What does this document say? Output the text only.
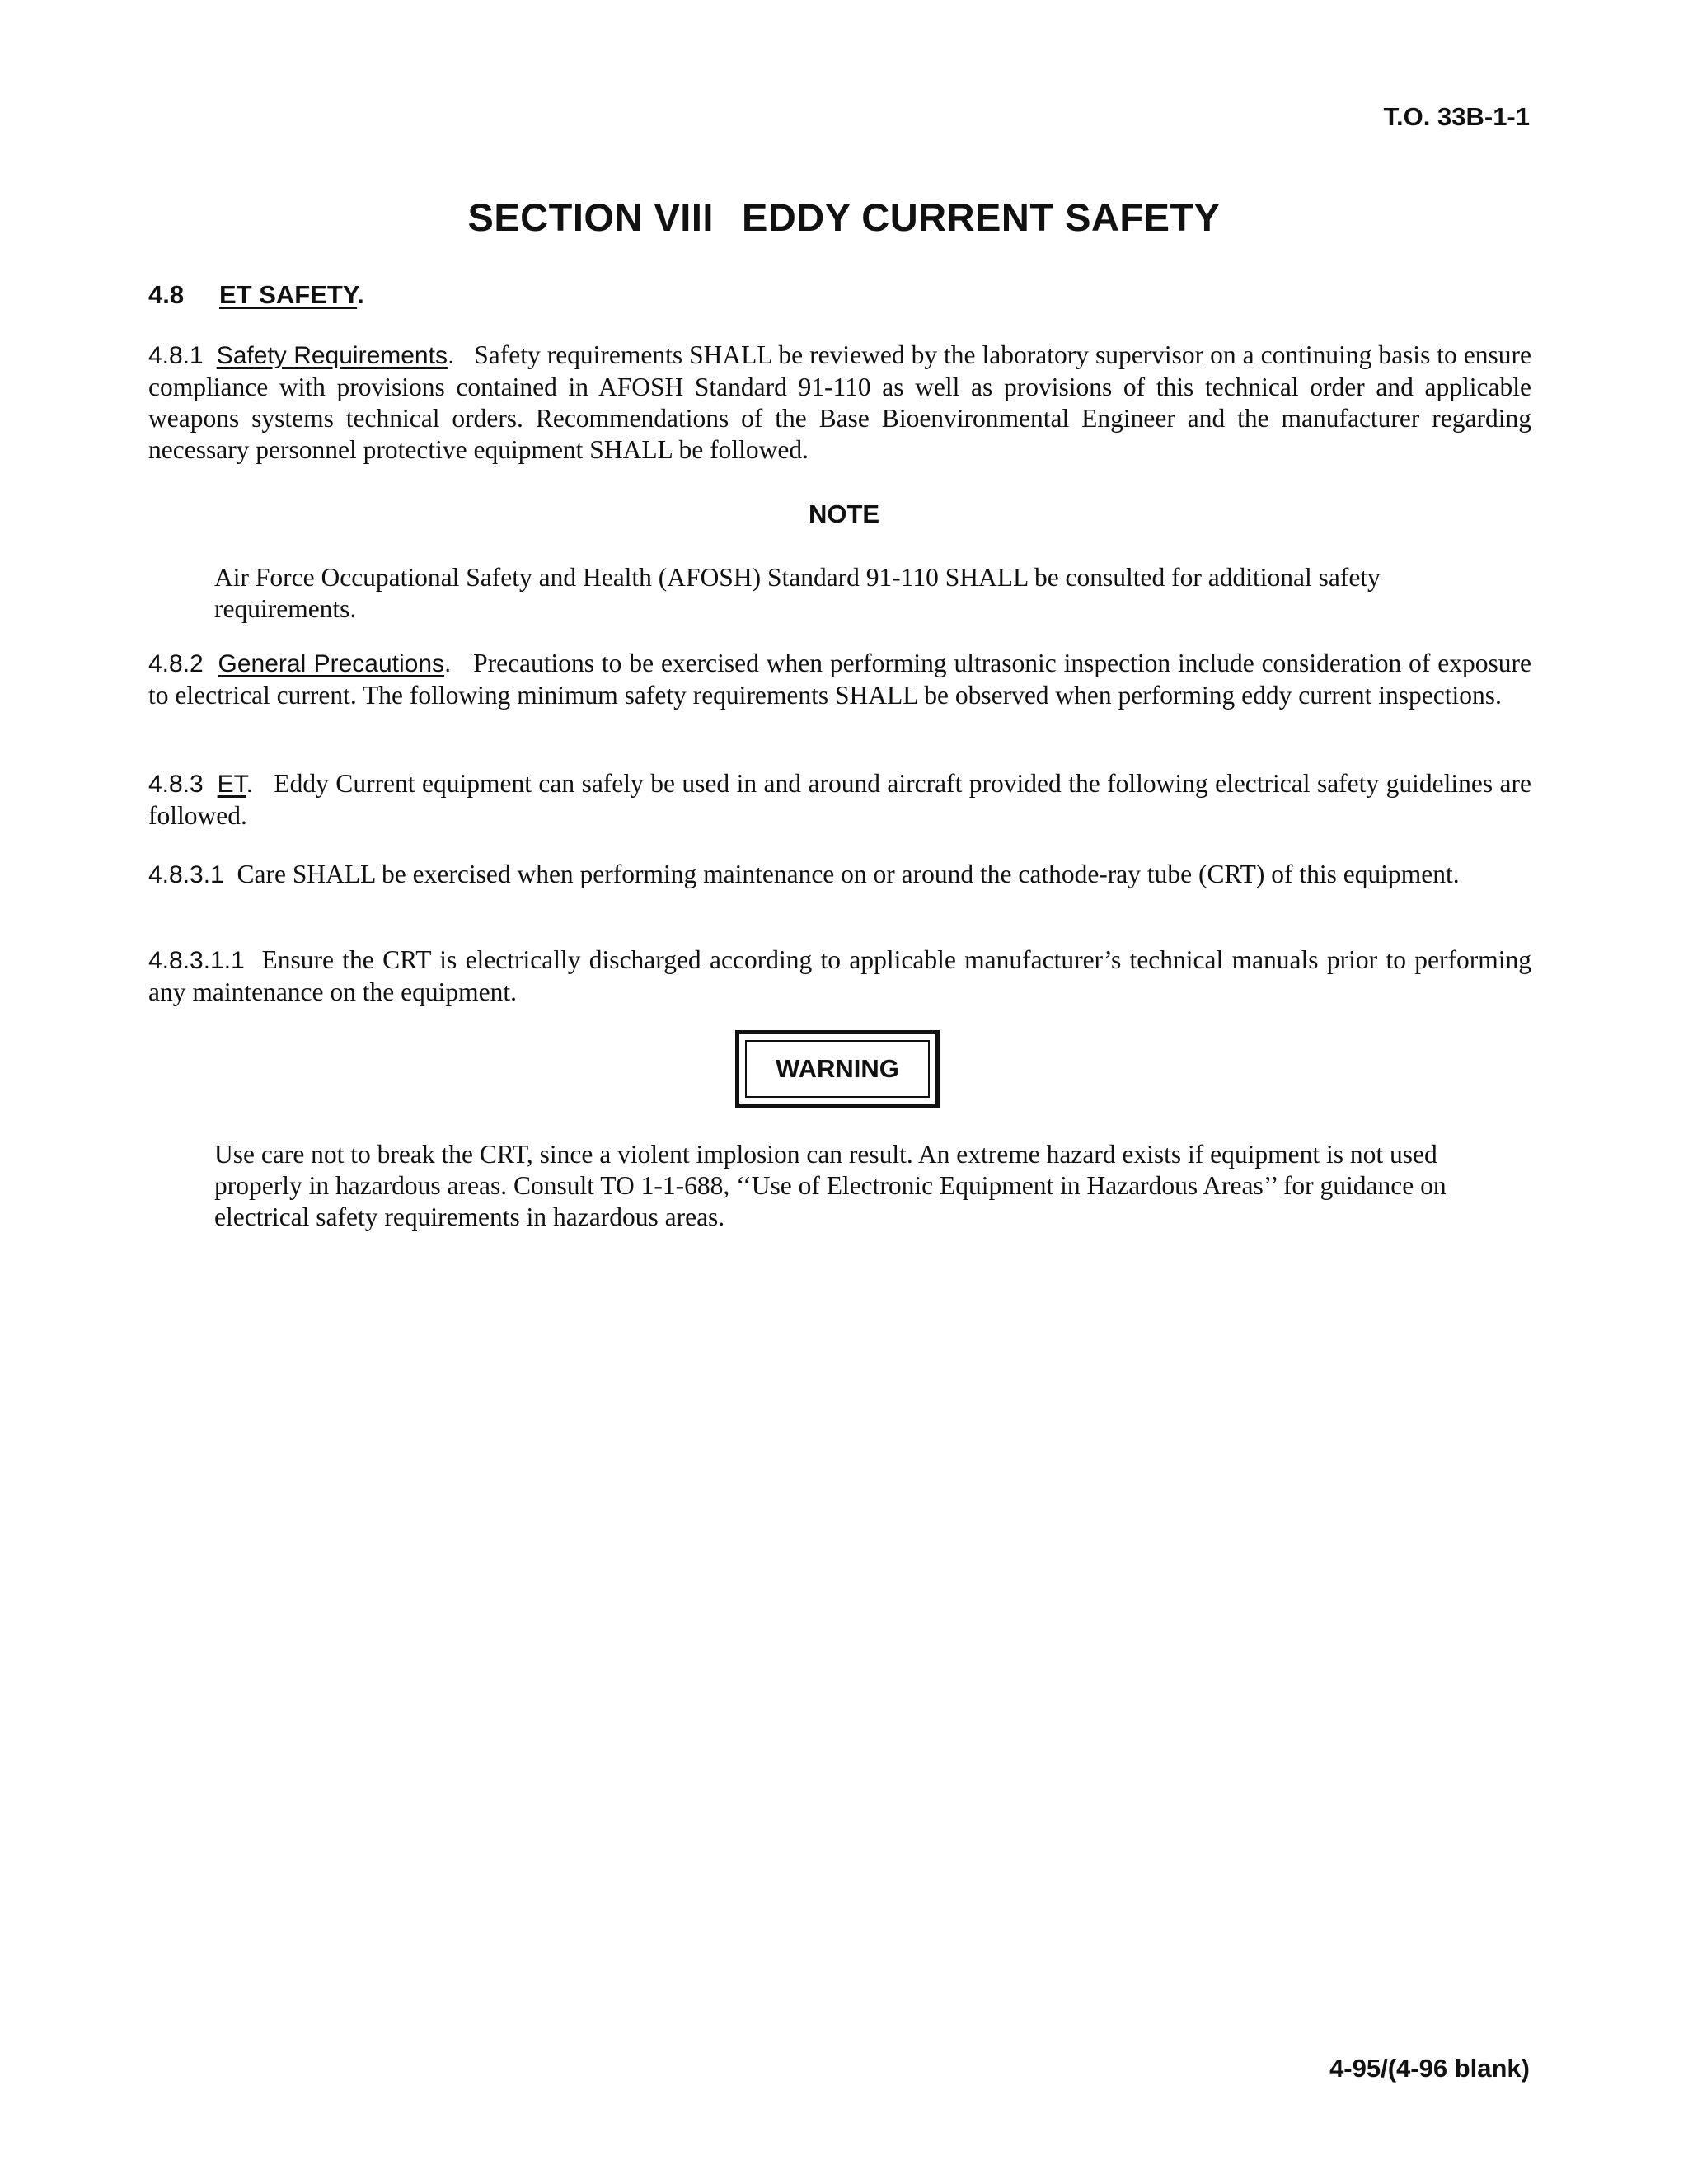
T.O. 33B-1-1
SECTION VIII EDDY CURRENT SAFETY
4.8 ET SAFETY.
4.8.1 Safety Requirements. Safety requirements SHALL be reviewed by the laboratory supervisor on a continuing basis to ensure compliance with provisions contained in AFOSH Standard 91-110 as well as provisions of this technical order and applicable weapons systems technical orders. Recommendations of the Base Bioenvironmental Engineer and the manufacturer regarding necessary personnel protective equipment SHALL be followed.
NOTE
Air Force Occupational Safety and Health (AFOSH) Standard 91-110 SHALL be consulted for additional safety requirements.
4.8.2 General Precautions. Precautions to be exercised when performing ultrasonic inspection include consideration of exposure to electrical current. The following minimum safety requirements SHALL be observed when performing eddy current inspections.
4.8.3 ET. Eddy Current equipment can safely be used in and around aircraft provided the following electrical safety guidelines are followed.
4.8.3.1 Care SHALL be exercised when performing maintenance on or around the cathode-ray tube (CRT) of this equipment.
4.8.3.1.1 Ensure the CRT is electrically discharged according to applicable manufacturer’s technical manuals prior to performing any maintenance on the equipment.
WARNING
Use care not to break the CRT, since a violent implosion can result. An extreme hazard exists if equipment is not used properly in hazardous areas. Consult TO 1-1-688, ‘‘Use of Electronic Equipment in Hazardous Areas’’ for guidance on electrical safety requirements in hazardous areas.
4-95/(4-96 blank)
